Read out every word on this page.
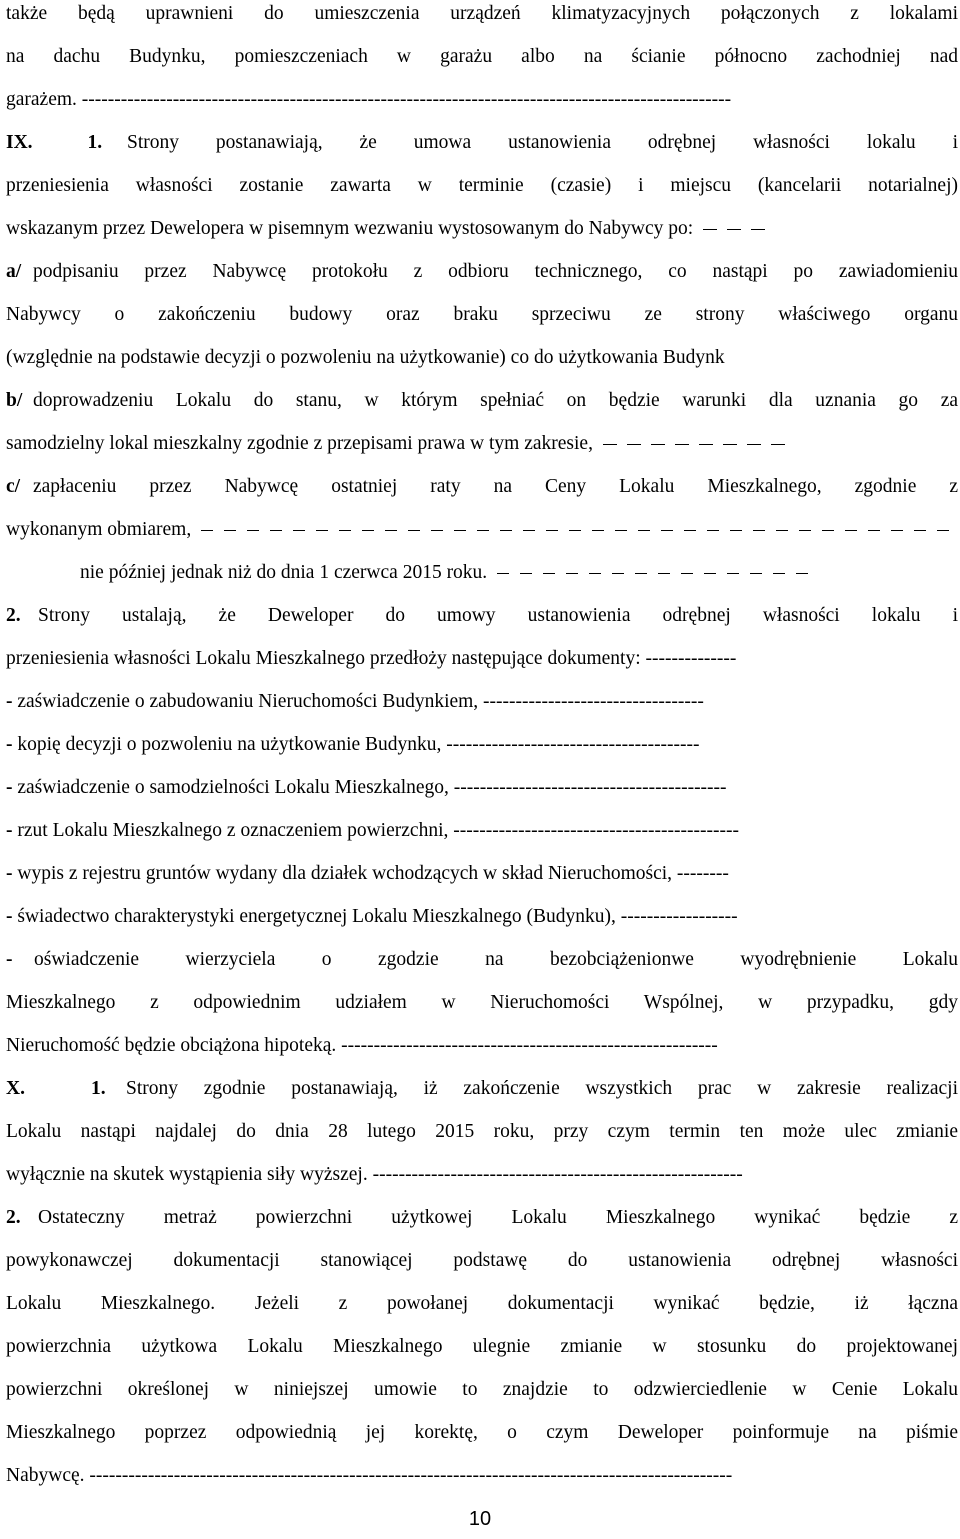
także będą uprawnieni do umieszczenia urządzeń klimatyzacyjnych połączonych z lokalami
na dachu Budynku, pomieszczeniach w garażu albo na ścianie północno zachodniej nad
garażem. ----------------------------------------------------------------------------------------------------
IX.	1. Strony postanawiają, że umowa ustanowienia odrębnej własności lokalu i
przeniesienia własności zostanie zawarta w terminie (czasie) i miejscu (kancelarii notarialnej)
wskazanym przez Dewelopera w pisemnym wezwaniu wystosowanym do Nabywcy po:
a/ podpisaniu przez Nabywcę protokołu z odbioru technicznego, co nastąpi po zawiadomieniu
Nabywcy o zakończeniu budowy oraz braku sprzeciwu ze strony właściwego organu
(względnie na podstawie decyzji o pozwoleniu na użytkowanie) co do użytkowania Budynk
b/ doprowadzeniu Lokalu do stanu, w którym spełniać on będzie warunki dla uznania go za
samodzielny lokal mieszkalny zgodnie z przepisami prawa w tym zakresie,
c/ zapłaceniu przez Nabywcę ostatniej raty na Ceny Lokalu Mieszkalnego, zgodnie z
wykonanym obmiarem,
nie później jednak niż do dnia 1 czerwca 2015 roku.
2. Strony ustalają, że Deweloper do umowy ustanowienia odrębnej własności lokalu i
przeniesienia własności Lokalu Mieszkalnego przedłoży następujące dokumenty: --------------
- zaświadczenie o zabudowaniu Nieruchomości Budynkiem, ----------------------------------
- kopię decyzji o pozwoleniu na użytkowanie Budynku, ---------------------------------------
- zaświadczenie o samodzielności Lokalu Mieszkalnego, ------------------------------------------
- rzut Lokalu Mieszkalnego z oznaczeniem powierzchni, --------------------------------------------
- wypis z rejestru gruntów wydany dla działek wchodzących w skład Nieruchomości, --------
- świadectwo charakterystyki energetycznej Lokalu Mieszkalnego (Budynku), ------------------
- oświadczenie wierzyciela o zgodzie na bezobciążenionwe wyodrębnienie Lokalu
Mieszkalnego z odpowiednim udziałem w Nieruchomości Wspólnej, w przypadku, gdy
Nieruchomość będzie obciążona hipoteką. ----------------------------------------------------------
X.	1. Strony zgodnie postanawiają, iż zakończenie wszystkich prac w zakresie realizacji
Lokalu nastąpi najdalej do dnia 28 lutego 2015 roku, przy czym termin ten może ulec zmianie
wyłącznie na skutek wystąpienia siły wyższej. ---------------------------------------------------------
2. Ostateczny metraż powierzchni użytkowej Lokalu Mieszkalnego wynikać będzie z
powykonawczej dokumentacji stanowiącej podstawę do ustanowienia odrębnej własności
Lokalu Mieszkalnego. Jeżeli z powołanej dokumentacji wynikać będzie, iż łączna
powierzchnia użytkowa Lokalu Mieszkalnego ulegnie zmianie w stosunku do projektowanej
powierzchni określonej w niniejszej umowie to znajdzie to odzwierciedlenie w Cenie Lokalu
Mieszkalnego poprzez odpowiednią jej korektę, o czym Deweloper poinformuje na piśmie
Nabywcę. ---------------------------------------------------------------------------------------------------
10
